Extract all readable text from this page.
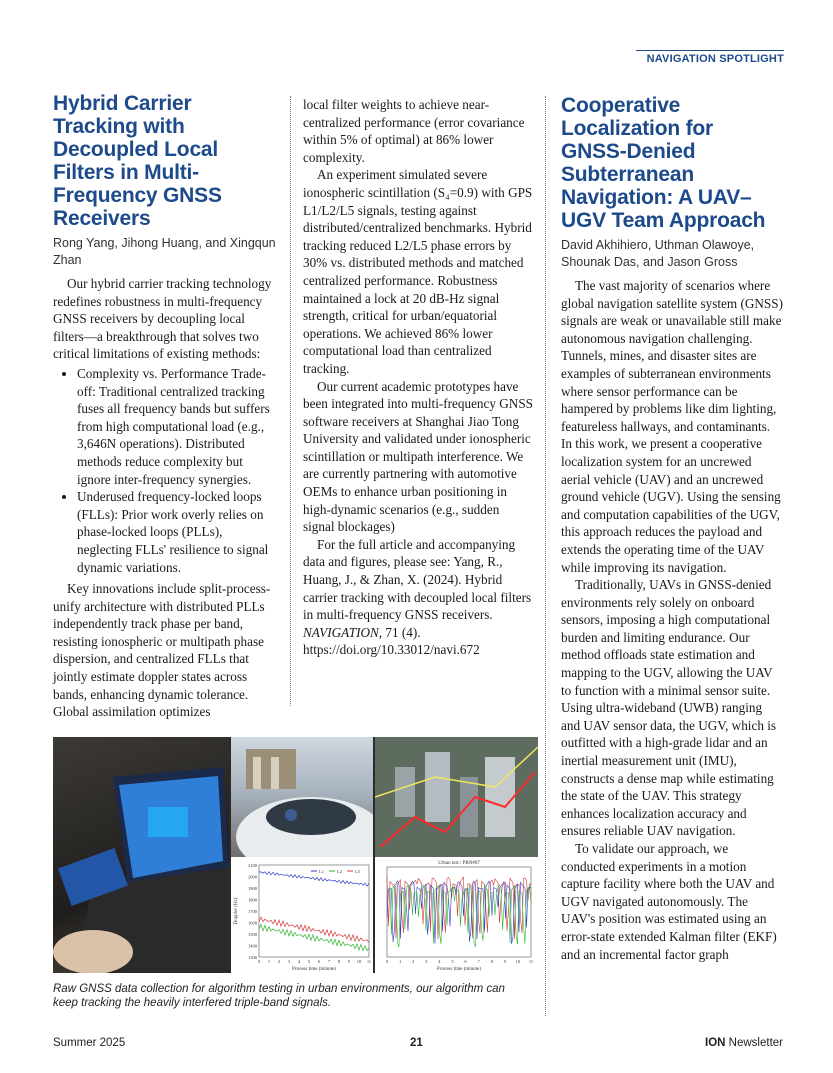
NAVIGATION SPOTLIGHT
Hybrid Carrier Tracking with Decoupled Local Filters in Multi-Frequency GNSS Receivers
Rong Yang, Jihong Huang, and Xingqun Zhan

Our hybrid carrier tracking technology redefines robustness in multi-frequency GNSS receivers by decoupling local filters—a breakthrough that solves two critical limitations of existing methods:

• Complexity vs. Performance Trade-off: Traditional centralized tracking fuses all frequency bands but suffers from high computational load (e.g., 3,646N operations). Distributed methods reduce complexity but ignore inter-frequency synergies.
• Underused frequency-locked loops (FLLs): Prior work overly relies on phase-locked loops (PLLs), neglecting FLLs' resilience to signal dynamic variations.

Key innovations include split-process-unify architecture with distributed PLLs independently track phase per band, resisting ionospheric or multipath phase dispersion, and centralized FLLs that jointly estimate doppler states across bands, enhancing dynamic tolerance. Global assimilation optimizes

local filter weights to achieve near-centralized performance (error covariance within 5% of optimal) at 86% lower complexity.

An experiment simulated severe ionospheric scintillation (S₄=0.9) with GPS L1/L2/L5 signals, testing against distributed/centralized benchmarks. Hybrid tracking reduced L2/L5 phase errors by 30% vs. distributed methods and matched centralized performance. Robustness maintained a lock at 20 dB-Hz signal strength, critical for urban/equatorial operations. We achieved 86% lower computational load than centralized tracking.

Our current academic prototypes have been integrated into multi-frequency GNSS software receivers at Shanghai Jiao Tong University and validated under ionospheric scintillation or multipath interference. We are currently partnering with automotive OEMs to enhance urban positioning in high-dynamic scenarios (e.g., sudden signal blockages)

For the full article and accompanying data and figures, please see: Yang, R., Huang, J., & Zhan, X. (2024). Hybrid carrier tracking with decoupled local filters in multi-frequency GNSS receivers. NAVIGATION, 71 (4). https://doi.org/10.33012/navi.672

Cooperative Localization for GNSS-Denied Subterranean Navigation: A UAV–UGV Team Approach
David Akhihiero, Uthman Olawoye, Shounak Das, and Jason Gross

The vast majority of scenarios where global navigation satellite system (GNSS) signals are weak or unavailable still make autonomous navigation challenging. Tunnels, mines, and disaster sites are examples of subterranean environments where sensor performance can be hampered by problems like dim lighting, featureless hallways, and contaminants. In this work, we present a cooperative localization system for an uncrewed aerial vehicle (UAV) and an uncrewed ground vehicle (UGV). Using the sensing and computation capabilities of the UGV, this approach reduces the payload and extends the operating time of the UAV while improving its navigation.

Traditionally, UAVs in GNSS-denied environments rely solely on onboard sensors, imposing a high computational burden and limiting endurance. Our method offloads state estimation and mapping to the UGV, allowing the UAV to function with a minimal sensor suite. Using ultra-wideband (UWB) ranging and UAV sensor data, the UGV, which is outfitted with a high-grade lidar and an inertial measurement unit (IMU), constructs a dense map while estimating the state of the UAV. This strategy enhances localization accuracy and ensures reliable UAV navigation.

To validate our approach, we conducted experiments in a motion capture facility where both the UAV and UGV navigated autonomously. The UAV's position was estimated using an error-state extended Kalman filter (EKF) and an incremental factor graph

2100
2000
1900
1800
1700
1600
1500
1400
1300
0 1 2 3 4 5 6 7 8 9 10 11
Process time (minute)
Doppler (Hz)
L1	L2	L5
Urban test / PRN#07
0 1 2 3 4 5 6 7 8 9 10 11
Process time (minute)
Raw GNSS data collection for algorithm testing in urban environments, our algorithm can keep tracking the heavily interfered triple-band signals.
Summer 2025	21	ION Newsletter
